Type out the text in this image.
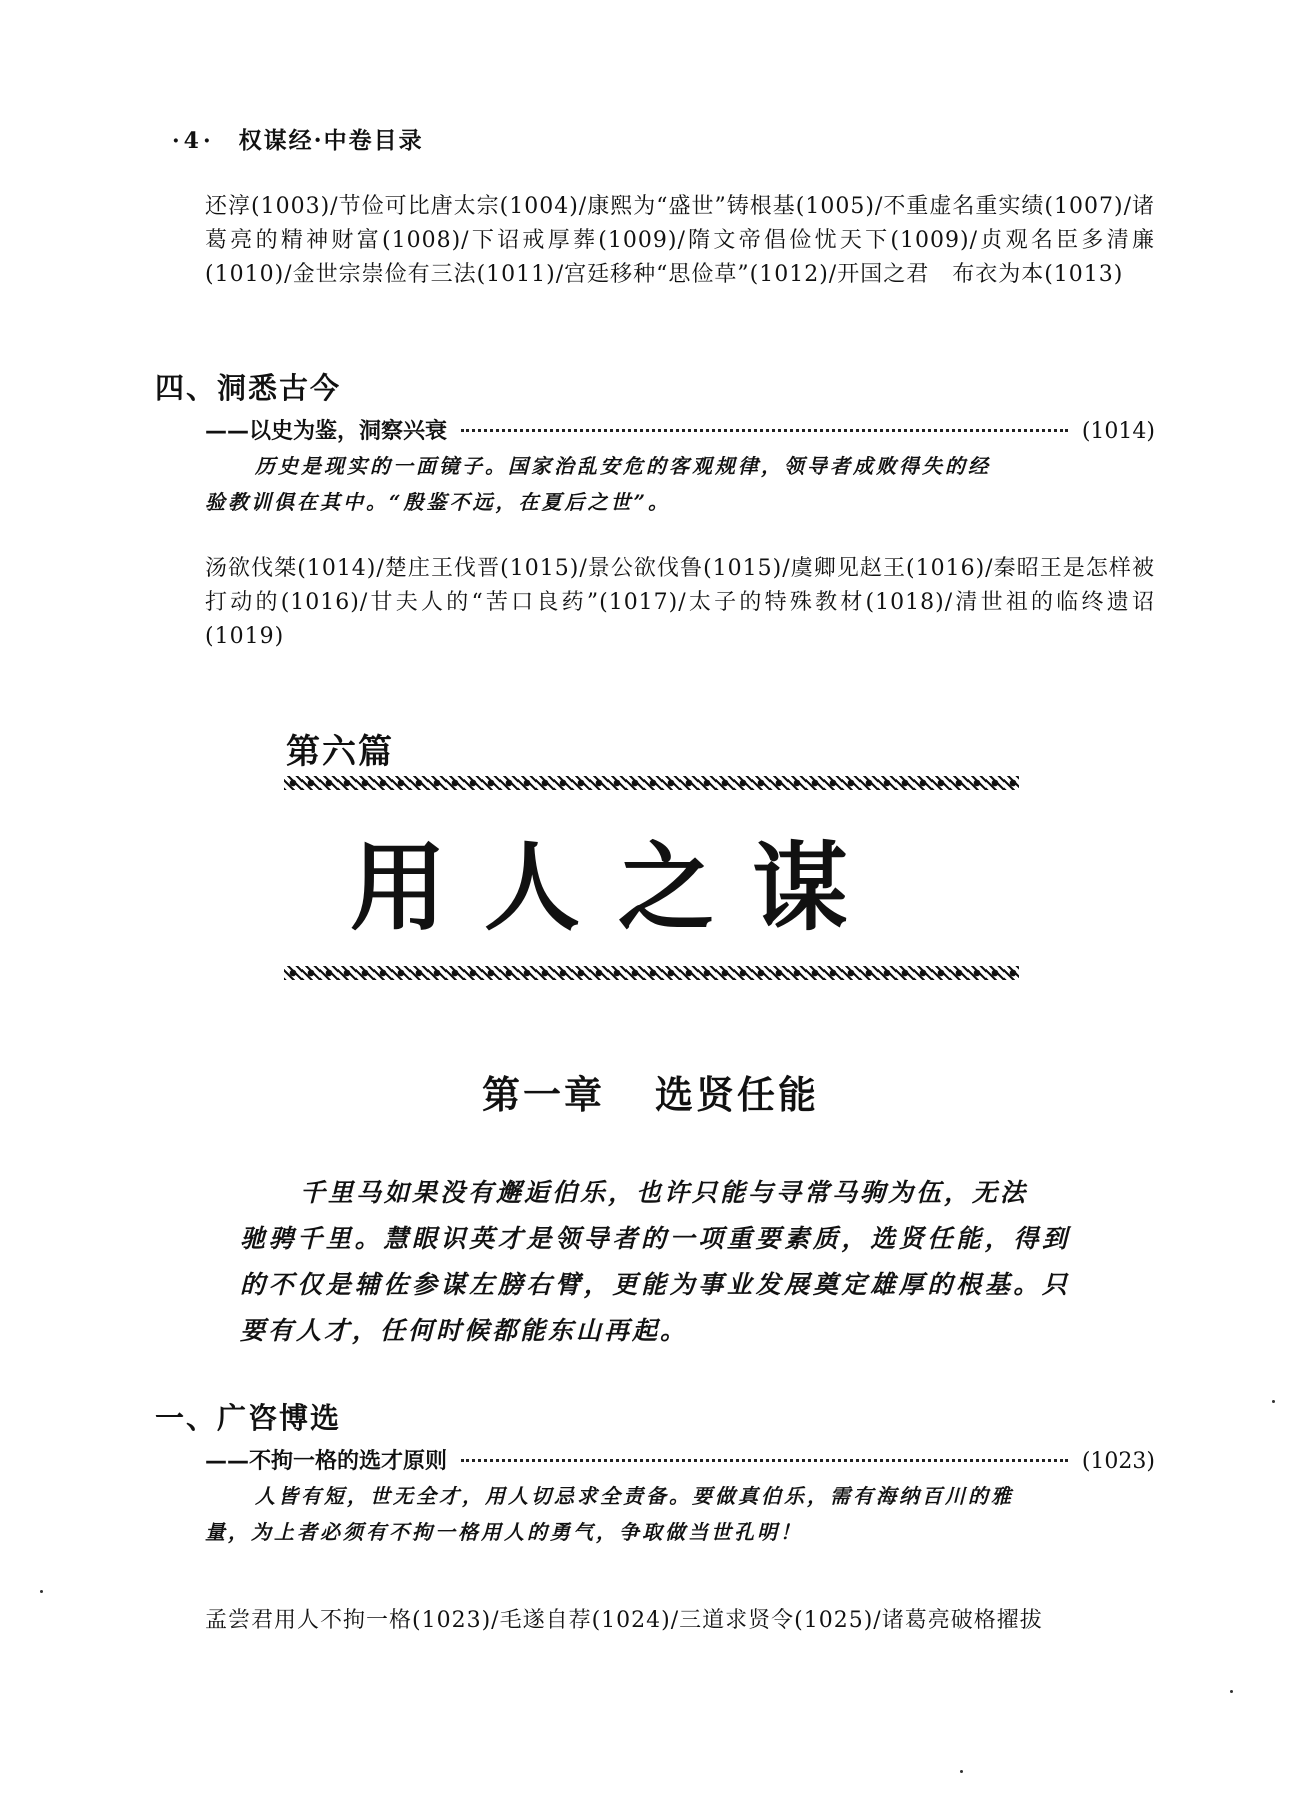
·4· 权谋经·中卷目录

还淳(1003)/节俭可比唐太宗(1004)/康熙为“盛世”铸根基(1005)/不重虚名重实绩(1007)/诸葛亮的精神财富(1008)/下诏戒厚葬(1009)/隋文帝倡俭忧天下(1009)/贞观名臣多清廉(1010)/金世宗崇俭有三法(1011)/宫廷移种“思俭草”(1012)/开国之君　布衣为本(1013)

四、洞悉古今
——以史为鉴，洞察兴衰	(1014)
历史是现实的一面镜子。国家治乱安危的客观规律，领导者成败得失的经
验教训俱在其中。“殷鉴不远，在夏后之世”。

汤欲伐桀(1014)/楚庄王伐晋(1015)/景公欲伐鲁(1015)/虞卿见赵王(1016)/秦昭王是怎样被打动的(1016)/甘夫人的“苦口良药”(1017)/太子的特殊教材(1018)/清世祖的临终遗诏(1019)

第六篇
用人之谋
第一章 选贤任能
千里马如果没有邂逅伯乐，也许只能与寻常马驹为伍，无法
驰骋千里。慧眼识英才是领导者的一项重要素质，选贤任能，得到的不仅是辅佐参谋左膀右臂，更能为事业发展奠定雄厚的根基。只要有人才，任何时候都能东山再起。
一、广咨博选
——不拘一格的选才原则	(1023)
人皆有短，世无全才，用人切忌求全责备。要做真伯乐，需有海纳百川的雅
量，为上者必须有不拘一格用人的勇气，争取做当世孔明！

孟尝君用人不拘一格(1023)/毛遂自荐(1024)/三道求贤令(1025)/诸葛亮破格擢拔
